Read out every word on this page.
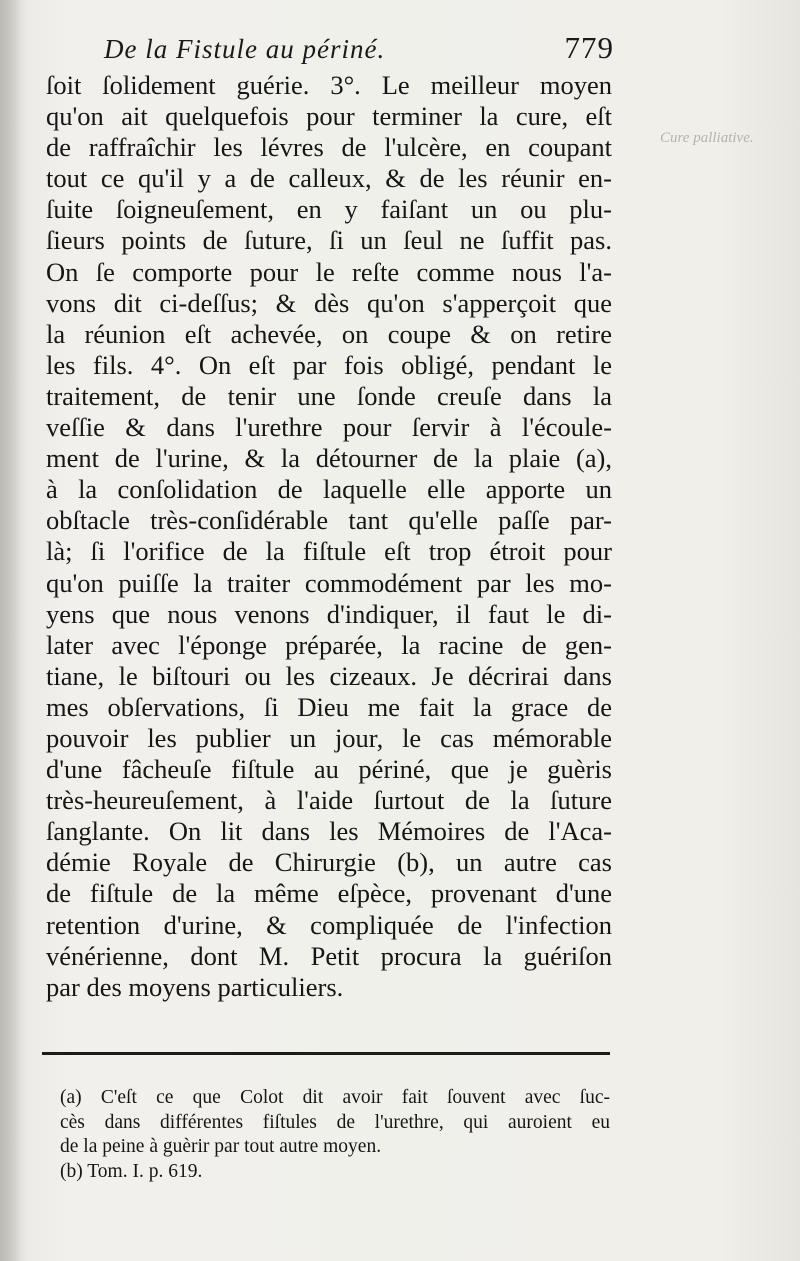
De la Fistule au périné.	779
Cure palliative.
ſoit ſolidement guérie. 3°. Le meilleur moyen
qu'on ait quelquefois pour terminer la cure, eſt
de raffraîchir les lévres de l'ulcère, en coupant
tout ce qu'il y a de calleux, & de les réunir en-
ſuite ſoigneuſement, en y faiſant un ou plu-
ſieurs points de ſuture, ſi un ſeul ne ſuffit pas.
On ſe comporte pour le reſte comme nous l'a-
vons dit ci-deſſus; & dès qu'on s'apperçoit que
la réunion eſt achevée, on coupe & on retire
les fils. 4°. On eſt par fois obligé, pendant le
traitement, de tenir une ſonde creuſe dans la
veſſie & dans l'urethre pour ſervir à l'écoule-
ment de l'urine, & la détourner de la plaie (a),
à la conſolidation de laquelle elle apporte un
obſtacle très-conſidérable tant qu'elle paſſe par-
là; ſi l'orifice de la fiſtule eſt trop étroit pour
qu'on puiſſe la traiter commodément par les mo-
yens que nous venons d'indiquer, il faut le di-
later avec l'éponge préparée, la racine de gen-
tiane, le biſtouri ou les cizeaux. Je décrirai dans
mes obſervations, ſi Dieu me fait la grace de
pouvoir les publier un jour, le cas mémorable
d'une fâcheuſe fiſtule au périné, que je guèris
très-heureuſement, à l'aide ſurtout de la ſuture
ſanglante. On lit dans les Mémoires de l'Aca-
démie Royale de Chirurgie (b), un autre cas
de fiſtule de la même eſpèce, provenant d'une
retention d'urine, & compliquée de l'infection
vénérienne, dont M. Petit procura la guériſon
par des moyens particuliers.
(a) C'eſt ce que Colot dit avoir fait ſouvent avec ſuc-
cès dans différentes fiſtules de l'urethre, qui auroient eu
de la peine à guèrir par tout autre moyen.
(b) Tom. I. p. 619.
